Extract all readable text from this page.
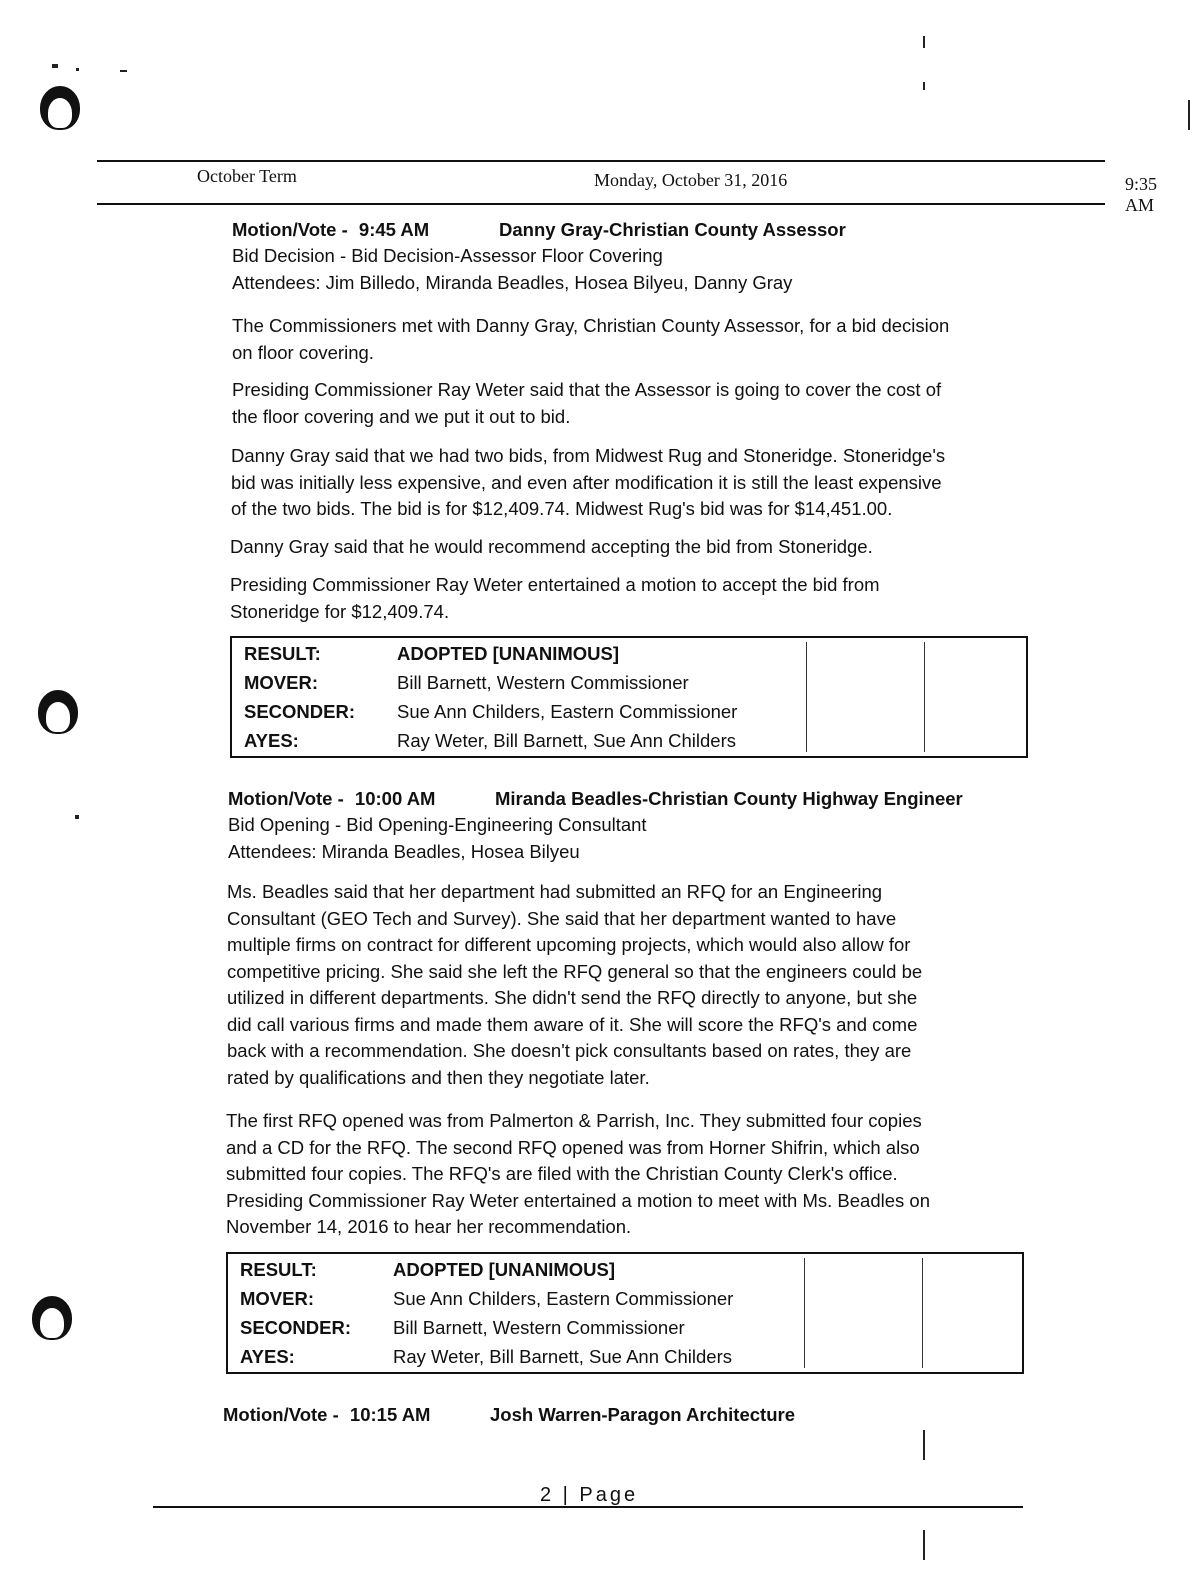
October Term	Monday, October 31, 2016	9:35 AM
Motion/Vote - 9:45 AM	Danny Gray-Christian County Assessor
Bid Decision - Bid Decision-Assessor Floor Covering
Attendees: Jim Billedo, Miranda Beadles, Hosea Bilyeu, Danny Gray
The Commissioners met with Danny Gray, Christian County Assessor, for a bid decision
on floor covering.
Presiding Commissioner Ray Weter said that the Assessor is going to cover the cost of
the floor covering and we put it out to bid.
Danny Gray said that we had two bids, from Midwest Rug and Stoneridge. Stoneridge's
bid was initially less expensive, and even after modification it is still the least expensive
of the two bids. The bid is for $12,409.74. Midwest Rug's bid was for $14,451.00.
Danny Gray said that he would recommend accepting the bid from Stoneridge.
Presiding Commissioner Ray Weter entertained a motion to accept the bid from
Stoneridge for $12,409.74.
RESULT:	ADOPTED [UNANIMOUS]
MOVER:	Bill Barnett, Western Commissioner
SECONDER:	Sue Ann Childers, Eastern Commissioner
AYES:	Ray Weter, Bill Barnett, Sue Ann Childers
Motion/Vote - 10:00 AM	Miranda Beadles-Christian County Highway Engineer
Bid Opening - Bid Opening-Engineering Consultant
Attendees: Miranda Beadles, Hosea Bilyeu
Ms. Beadles said that her department had submitted an RFQ for an Engineering
Consultant (GEO Tech and Survey). She said that her department wanted to have
multiple firms on contract for different upcoming projects, which would also allow for
competitive pricing. She said she left the RFQ general so that the engineers could be
utilized in different departments. She didn't send the RFQ directly to anyone, but she
did call various firms and made them aware of it. She will score the RFQ's and come
back with a recommendation. She doesn't pick consultants based on rates, they are
rated by qualifications and then they negotiate later.
The first RFQ opened was from Palmerton & Parrish, Inc. They submitted four copies
and a CD for the RFQ. The second RFQ opened was from Horner Shifrin, which also
submitted four copies. The RFQ's are filed with the Christian County Clerk's office.
Presiding Commissioner Ray Weter entertained a motion to meet with Ms. Beadles on
November 14, 2016 to hear her recommendation.
RESULT:	ADOPTED [UNANIMOUS]
MOVER:	Sue Ann Childers, Eastern Commissioner
SECONDER:	Bill Barnett, Western Commissioner
AYES:	Ray Weter, Bill Barnett, Sue Ann Childers
Motion/Vote - 10:15 AM	Josh Warren-Paragon Architecture
2 | Page
